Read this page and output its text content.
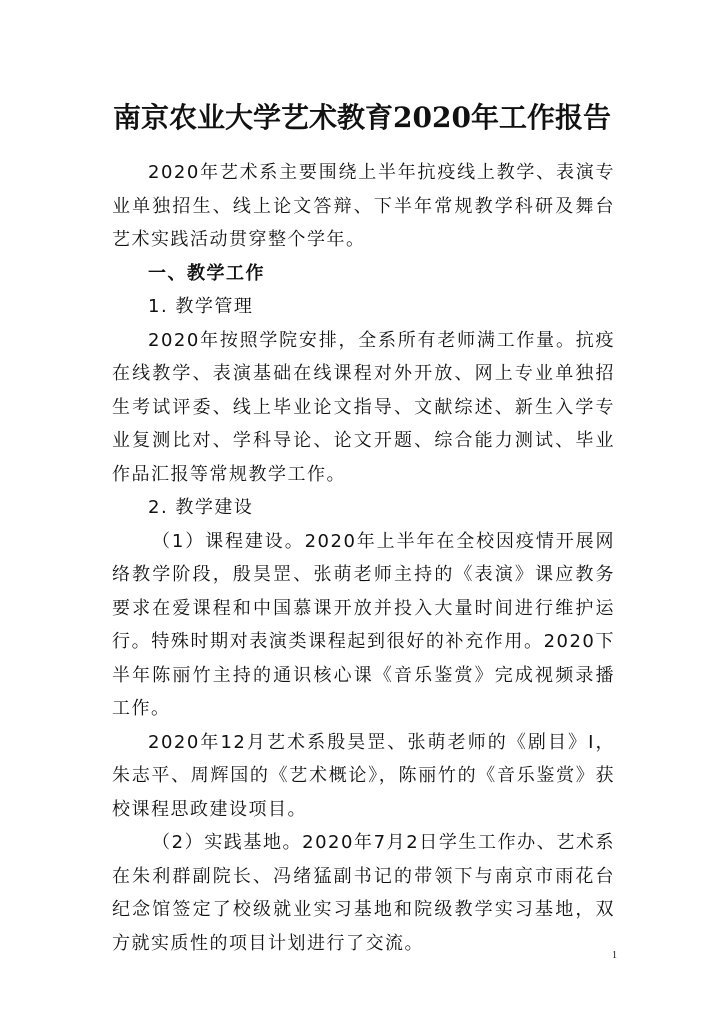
南京农业大学艺术教育2020年工作报告

2020年艺术系主要围绕上半年抗疫线上教学、表演专业单独招生、线上论文答辩、下半年常规教学科研及舞台艺术实践活动贯穿整个学年。

一、教学工作

1. 教学管理

2020年按照学院安排，全系所有老师满工作量。抗疫在线教学、表演基础在线课程对外开放、网上专业单独招生考试评委、线上毕业论文指导、文献综述、新生入学专业复测比对、学科导论、论文开题、综合能力测试、毕业作品汇报等常规教学工作。

2. 教学建设

（1）课程建设。2020年上半年在全校因疫情开展网络教学阶段，殷昊罡、张萌老师主持的《表演》课应教务要求在爱课程和中国慕课开放并投入大量时间进行维护运行。特殊时期对表演类课程起到很好的补充作用。2020下半年陈丽竹主持的通识核心课《音乐鉴赏》完成视频录播工作。

2020年12月艺术系殷昊罡、张萌老师的《剧目》Ⅰ，朱志平、周辉国的《艺术概论》，陈丽竹的《音乐鉴赏》获校课程思政建设项目。

（2）实践基地。2020年7月2日学生工作办、艺术系在朱利群副院长、冯绪猛副书记的带领下与南京市雨花台纪念馆签定了校级就业实习基地和院级教学实习基地，双方就实质性的项目计划进行了交流。

1
